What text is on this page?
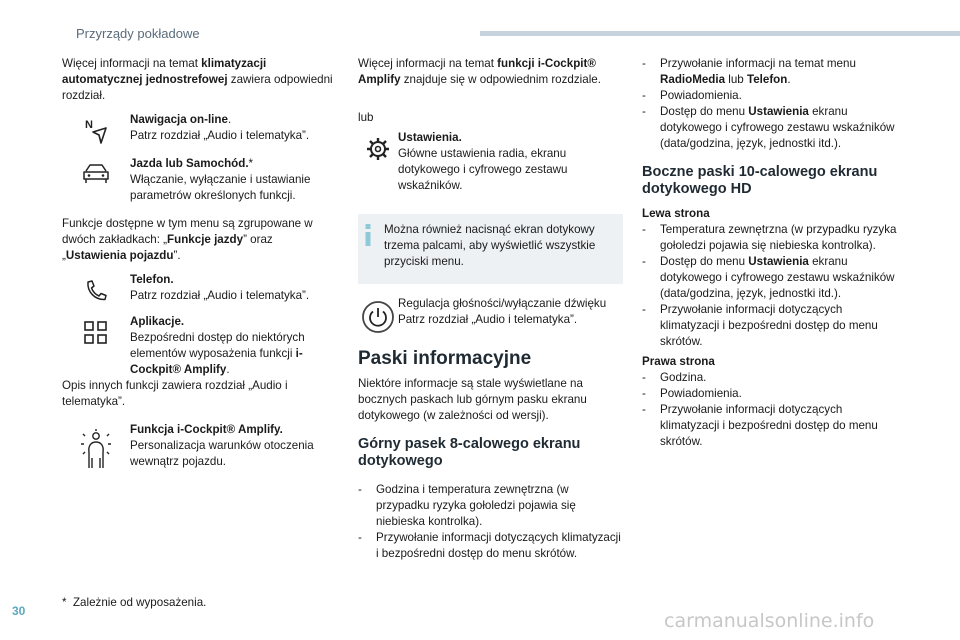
Przyrządy pokładowe

Więcej informacji na temat klimatyzacji automatycznej jednostrefowej zawiera odpowiedni rozdział.

N	Nawigacja on-line.

Patrz rozdział „Audio i telematyka”.

Jazda lub Samochód.*

Włączanie, wyłączanie i ustawianie parametrów określonych funkcji.

Funkcje dostępne w tym menu są zgrupowane w dwóch zakładkach: „Funkcje jazdy” oraz „Ustawienia pojazdu”.

Telefon.

Patrz rozdział „Audio i telematyka”.

Aplikacje.

Bezpośredni dostęp do niektórych elementów wyposażenia funkcji i-Cockpit® Amplify.

Opis innych funkcji zawiera rozdział „Audio i telematyka”.

Funkcja i-Cockpit® Amplify.

Personalizacja warunków otoczenia wewnątrz pojazdu.

Więcej informacji na temat funkcji i-Cockpit® Amplify znajduje się w odpowiednim rozdziale.

lub

Ustawienia.

Główne ustawienia radia, ekranu dotykowego i cyfrowego zestawu wskaźników.

Można również nacisnąć ekran dotykowy trzema palcami, aby wyświetlić wszystkie przyciski menu.

Regulacja głośności/wyłączanie dźwięku

Patrz rozdział „Audio i telematyka”.

Paski informacyjne

Niektóre informacje są stale wyświetlane na bocznych paskach lub górnym pasku ekranu dotykowego (w zależności od wersji).

Górny pasek 8-calowego ekranu dotykowego
- Godzina i temperatura zewnętrzna (w przypadku ryzyka gołoledzi pojawia się niebieska kontrolka).
- Przywołanie informacji dotyczących klimatyzacji i bezpośredni dostęp do menu skrótów.
- Przywołanie informacji na temat menu RadioMedia lub Telefon.
- Powiadomienia.
- Dostęp do menu Ustawienia ekranu dotykowego i cyfrowego zestawu wskaźników (data/godzina, język, jednostki itd.).
Boczne paski 10-calowego ekranu dotykowego HD

Lewa strona

- Temperatura zewnętrzna (w przypadku ryzyka gołoledzi pojawia się niebieska kontrolka).
- Dostęp do menu Ustawienia ekranu dotykowego i cyfrowego zestawu wskaźników (data/godzina, język, jednostki itd.).
- Przywołanie informacji dotyczących klimatyzacji i bezpośredni dostęp do menu skrótów.

Prawa strona

- Godzina.
- Powiadomienia.
- Przywołanie informacji dotyczących klimatyzacji i bezpośredni dostęp do menu skrótów.
* Zależnie od wyposażenia.
30	carmanualsonline.info
